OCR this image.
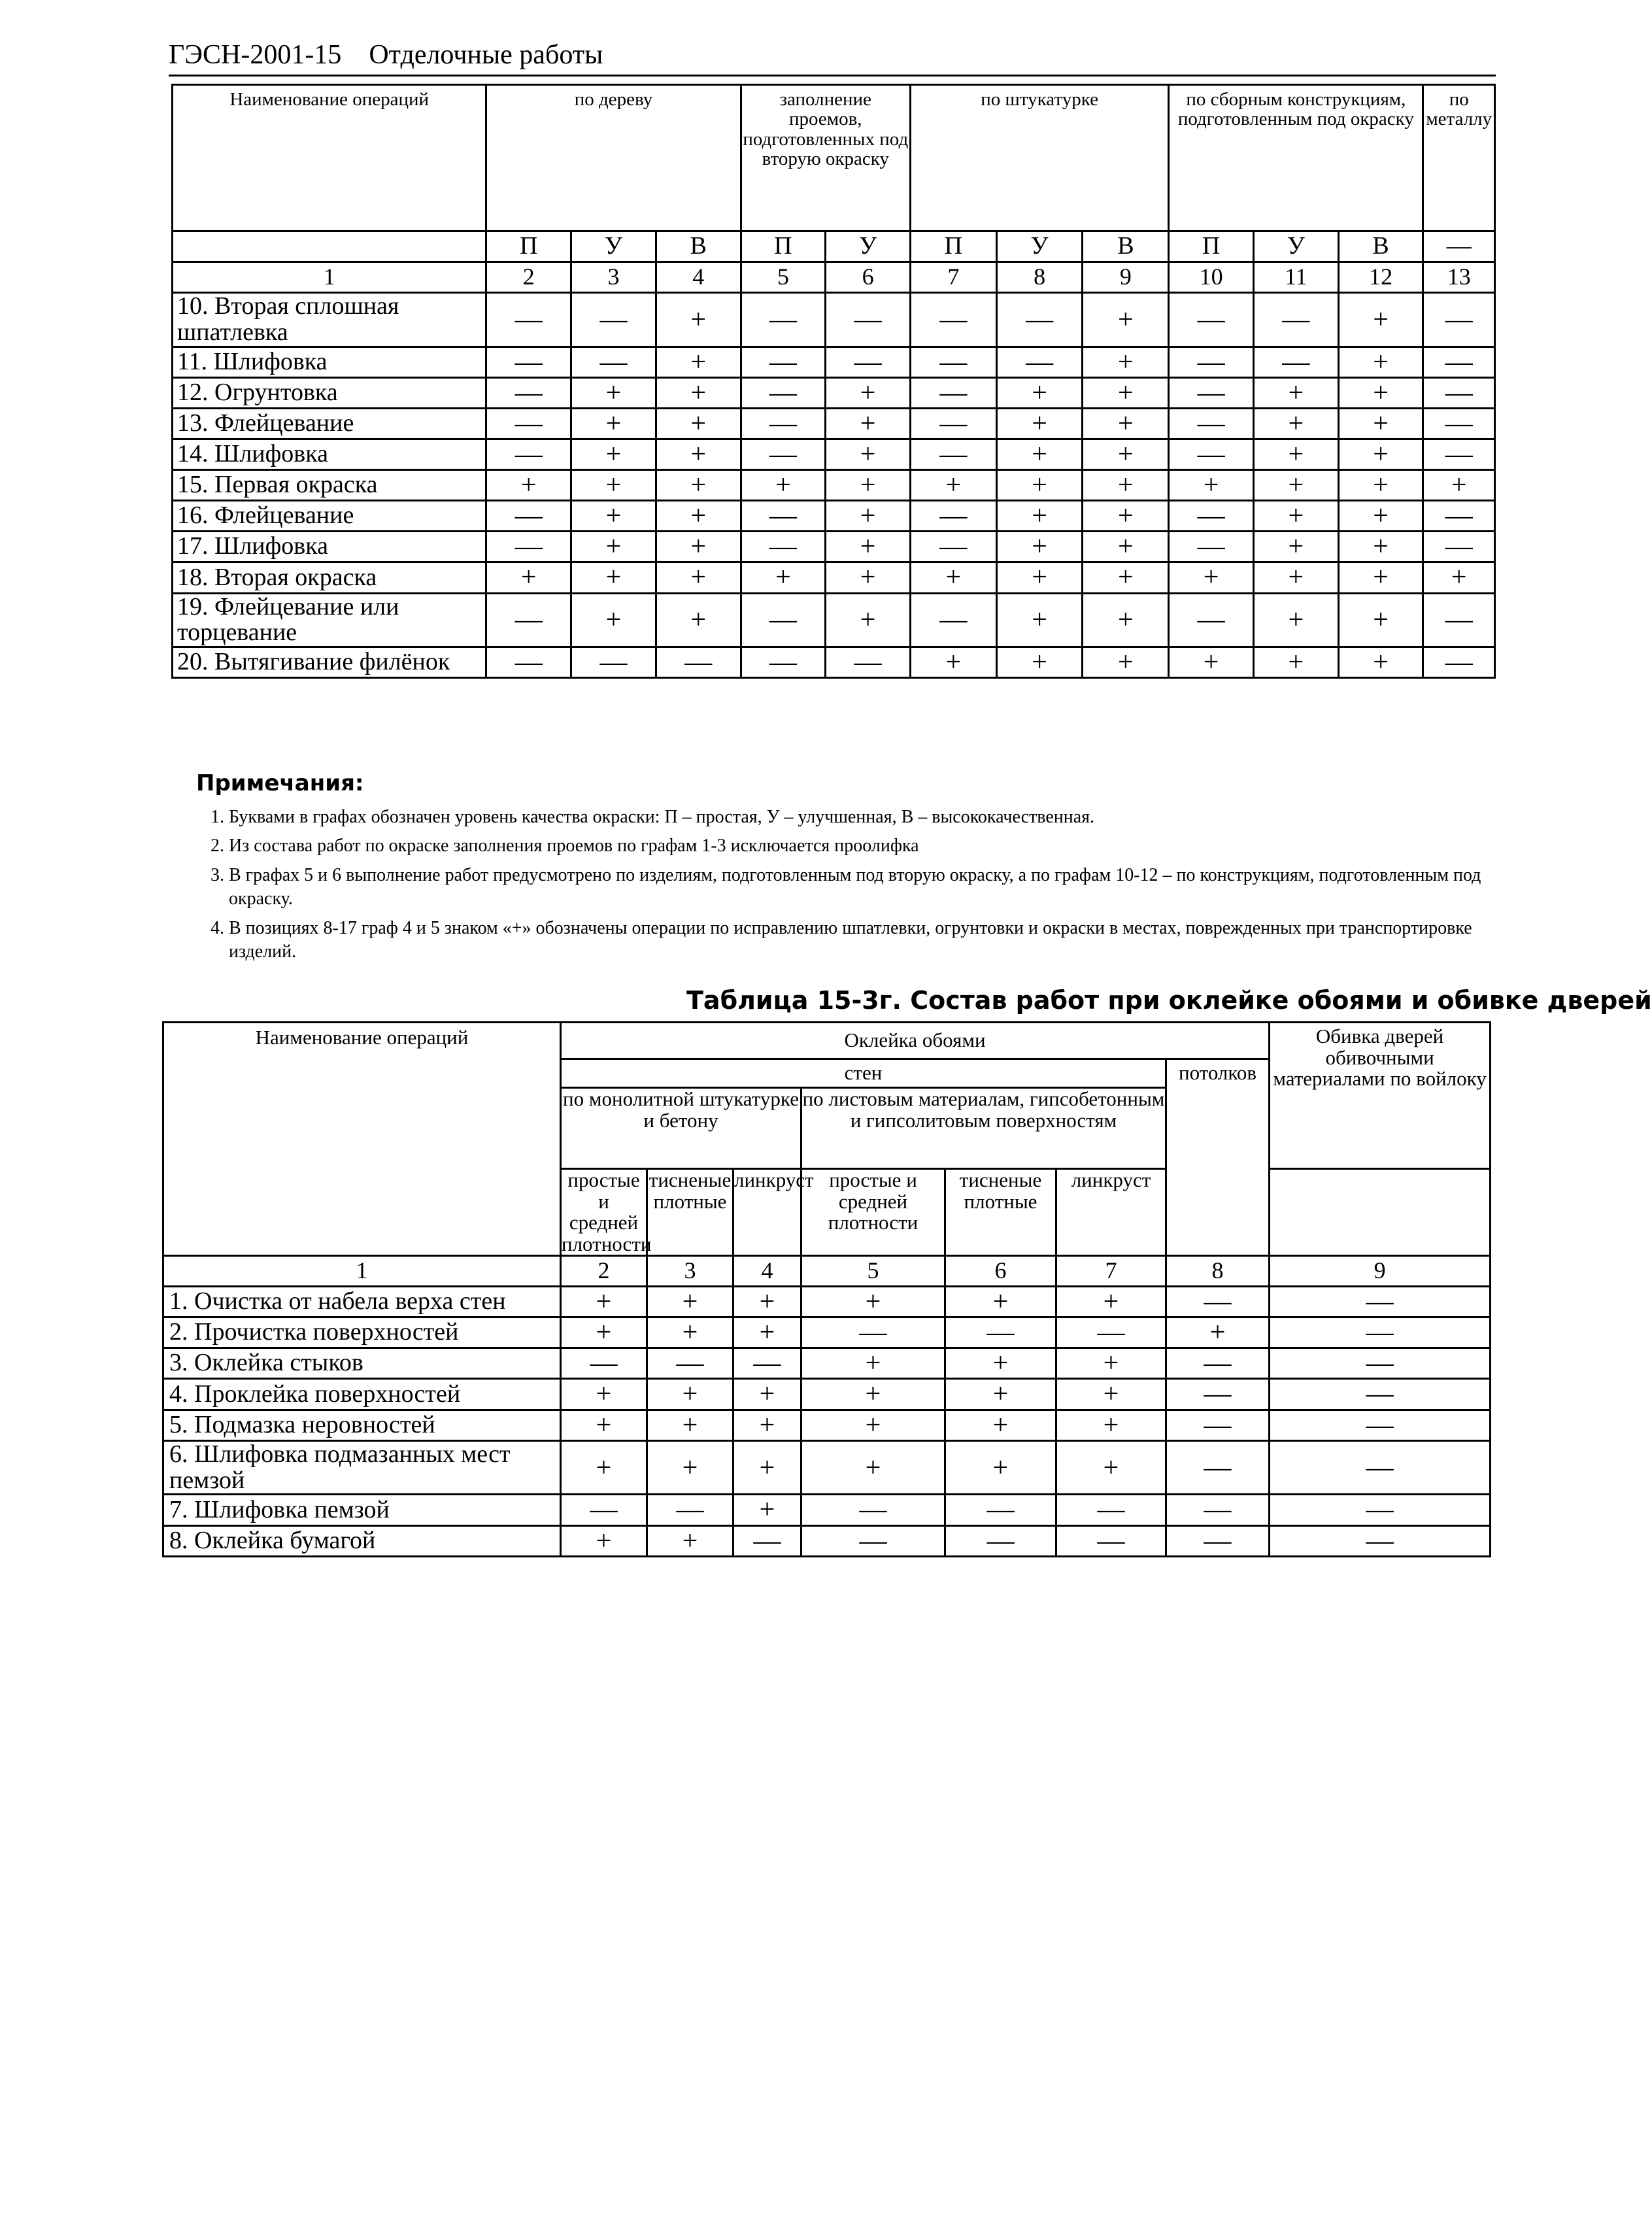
ГЭСН-2001-15 Отделочные работы
Наименование операций	по дереву			заполнение проемов, подготовленных под вторую окраску		по штукатурке			по сборным конструкциям, подготовленным под окраску			по металлу
	П	У	В	П	У	П	У	В	П	У	В	—
1	2	3	4	5	6	7	8	9	10	11	12	13
10. Вторая сплошная шпатлевка	—	—	+	—	—	—	—	+	—	—	+	—
11. Шлифовка	—	—	+	—	—	—	—	+	—	—	+	—
12. Огрунтовка	—	+	+	—	+	—	+	+	—	+	+	—
13. Флейцевание	—	+	+	—	+	—	+	+	—	+	+	—
14. Шлифовка	—	+	+	—	+	—	+	+	—	+	+	—
15. Первая окраска	+	+	+	+	+	+	+	+	+	+	+	+
16. Флейцевание	—	+	+	—	+	—	+	+	—	+	+	—
17. Шлифовка	—	+	+	—	+	—	+	+	—	+	+	—
18. Вторая окраска	+	+	+	+	+	+	+	+	+	+	+	+
19. Флейцевание или торцевание	—	+	+	—	+	—	+	+	—	+	+	—
20. Вытягивание филёнок	—	—	—	—	—	+	+	+	+	+	+	—
Примечания:
1. Буквами в графах обозначен уровень качества окраски: П – простая, У – улучшенная, В – высококачественная.
2. Из состава работ по окраске заполнения проемов по графам 1-3 исключается проолифка
3. В графах 5 и 6 выполнение работ предусмотрено по изделиям, подготовленным под вторую окраску, а по графам 10-12 – по конструкциям, подготовленным под окраску.
4. В позициях 8-17 граф 4 и 5 знаком «+» обозначены операции по исправлению шпатлевки, огрунтовки и окраски в местах, поврежденных при транспортировке изделий.
Таблица 15-3г. Состав работ при оклейке обоями и обивке дверей
Наименование операций	Оклейка обоями							Обивка дверей обивочными материалами по войлоку
	стен						потолков	
	по монолитной штукатурке и бетону			по листовым материалам, гипсобетонным и гипсолитовым поверхностям				
	простые и средней плотности	тисненые плотные	линкруст	простые и средней плотности	тисненые плотные	линкруст		
1	2	3	4	5	6	7	8	9
1. Очистка от набела верха стен	+	+	+	+	+	+	—	—
2. Прочистка поверхностей	+	+	+	—	—	—	+	—
3. Оклейка стыков	—	—	—	+	+	+	—	—
4. Проклейка поверхностей	+	+	+	+	+	+	—	—
5. Подмазка неровностей	+	+	+	+	+	+	—	—
6. Шлифовка подмазанных мест пемзой	+	+	+	+	+	+	—	—
7. Шлифовка пемзой	—	—	+	—	—	—	—	—
8. Оклейка бумагой	+	+	—	—	—	—	—	—
